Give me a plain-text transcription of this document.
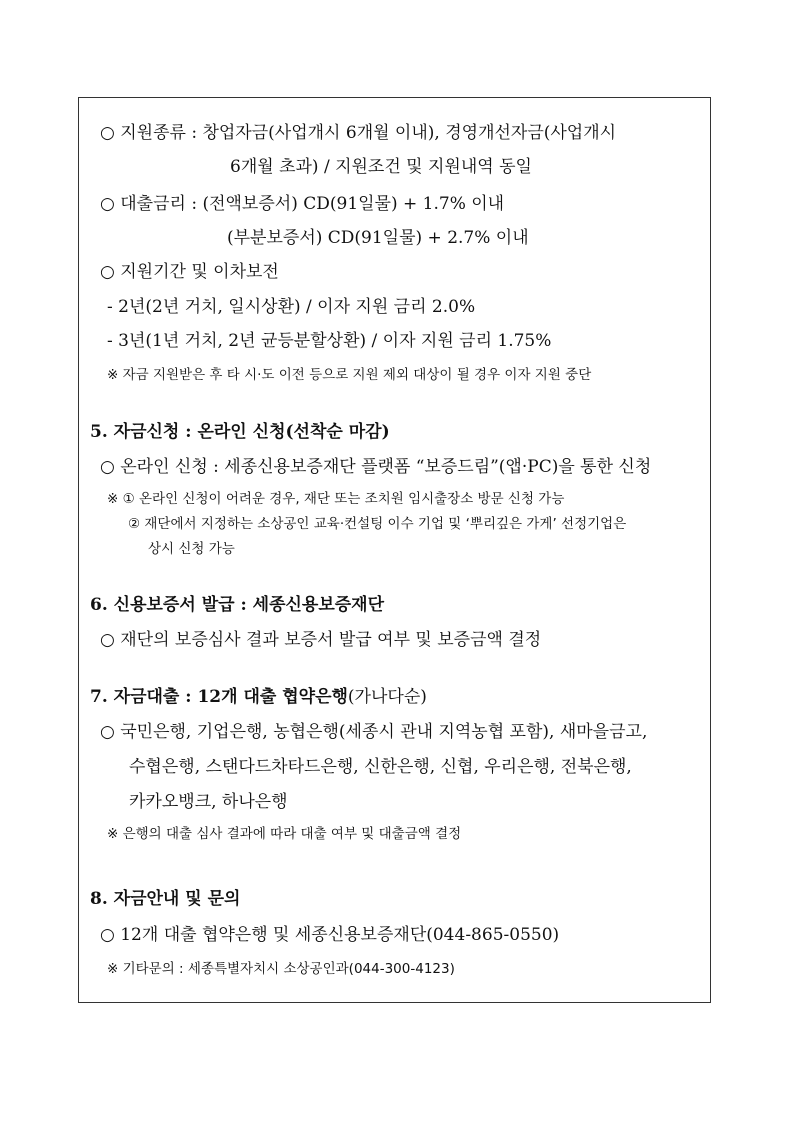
○ 지원종류 : 창업자금(사업개시 6개월 이내), 경영개선자금(사업개시
6개월 초과) / 지원조건 및 지원내역 동일
○ 대출금리 : (전액보증서) CD(91일물) + 1.7% 이내
(부분보증서) CD(91일물) + 2.7% 이내
○ 지원기간 및 이차보전
- 2년(2년 거치, 일시상환) / 이자 지원 금리 2.0%
- 3년(1년 거치, 2년 균등분할상환) / 이자 지원 금리 1.75%
※ 자금 지원받은 후 타 시·도 이전 등으로 지원 제외 대상이 될 경우 이자 지원 중단
5. 자금신청 : 온라인 신청(선착순 마감)
○ 온라인 신청 : 세종신용보증재단 플랫폼 “보증드림”(앱·PC)을 통한 신청
※ ① 온라인 신청이 어려운 경우, 재단 또는 조치원 임시출장소 방문 신청 가능
② 재단에서 지정하는 소상공인 교육·컨설팅 이수 기업 및 ‘뿌리깊은 가게’ 선정기업은
상시 신청 가능
6. 신용보증서 발급 : 세종신용보증재단
○ 재단의 보증심사 결과 보증서 발급 여부 및 보증금액 결정
7. 자금대출 : 12개 대출 협약은행(가나다순)
○ 국민은행, 기업은행, 농협은행(세종시 관내 지역농협 포함), 새마을금고,
수협은행, 스탠다드차타드은행, 신한은행, 신협, 우리은행, 전북은행,
카카오뱅크, 하나은행
※ 은행의 대출 심사 결과에 따라 대출 여부 및 대출금액 결정
8. 자금안내 및 문의
○ 12개 대출 협약은행 및 세종신용보증재단(044-865-0550)
※ 기타문의 : 세종특별자치시 소상공인과(044-300-4123)
